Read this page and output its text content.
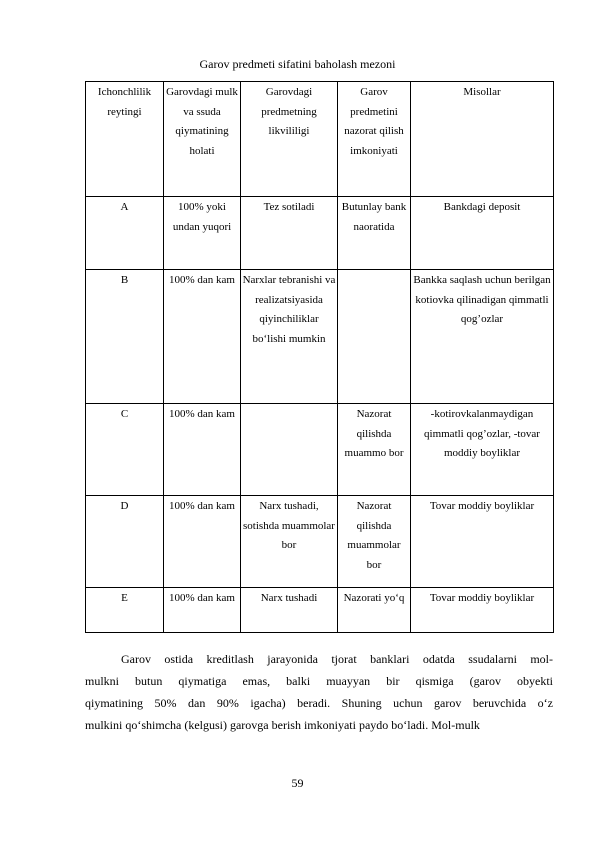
Garov predmeti sifatini baholash mezoni
Ichonchlilik reytingi	Garovdagi mulk va ssuda qiymatining holati	Garovdagi predmetning likvililigi	Garov predmetini nazorat qilish imkoniyati	Misollar
A	100% yoki undan yuqori	Tez sotiladi	Butunlay bank naoratida	Bankdagi deposit
B	100% dan kam	Narxlar tebranishi va realizatsiyasida qiyinchiliklar bo‘lishi mumkin		Bankka saqlash uchun berilgan kotiovka qilinadigan qimmatli qog’ozlar
C	100% dan kam		Nazorat qilishda muammo bor	-kotirovkalanmaydigan qimmatli qog’ozlar, -tovar moddiy boyliklar
D	100% dan kam	Narx tushadi, sotishda muammolar bor	Nazorat qilishda muammolar bor	Tovar moddiy boyliklar
E	100% dan kam	Narx tushadi	Nazorati yo‘q	Tovar moddiy boyliklar
Garov ostida kreditlash jarayonida tjorat banklari odatda ssudalarni mol-
mulkni butun qiymatiga emas, balki muayyan bir qismiga (garov obyekti
qiymatining 50% dan 90% igacha) beradi. Shuning uchun garov beruvchida o‘z
mulkini qo‘shimcha (kelgusi) garovga berish imkoniyati paydo bo‘ladi. Mol-mulk
59
